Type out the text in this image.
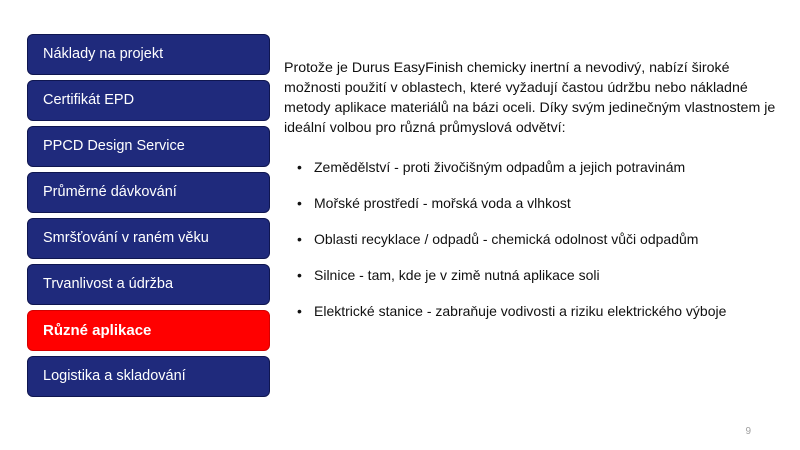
Náklady na projekt
Certifikát EPD
PPCD Design Service
Průměrné dávkování
Smršťování v raném věku
Trvanlivost a údržba
Různé aplikace
Logistika a skladování

Protože je Durus EasyFinish chemicky inertní a nevodivý, nabízí široké možnosti použití v oblastech, které vyžadují častou údržbu nebo nákladné metody aplikace materiálů na bázi oceli. Díky svým jedinečným vlastnostem je ideální volbou pro různá průmyslová odvětví:

• Zemědělství - proti živočišným odpadům a jejich potravinám
• Mořské prostředí - mořská voda a vlhkost
• Oblasti recyklace / odpadů - chemická odolnost vůči odpadům
• Silnice - tam, kde je v zimě nutná aplikace soli
• Elektrické stanice - zabraňuje vodivosti a riziku elektrického výboje
9
